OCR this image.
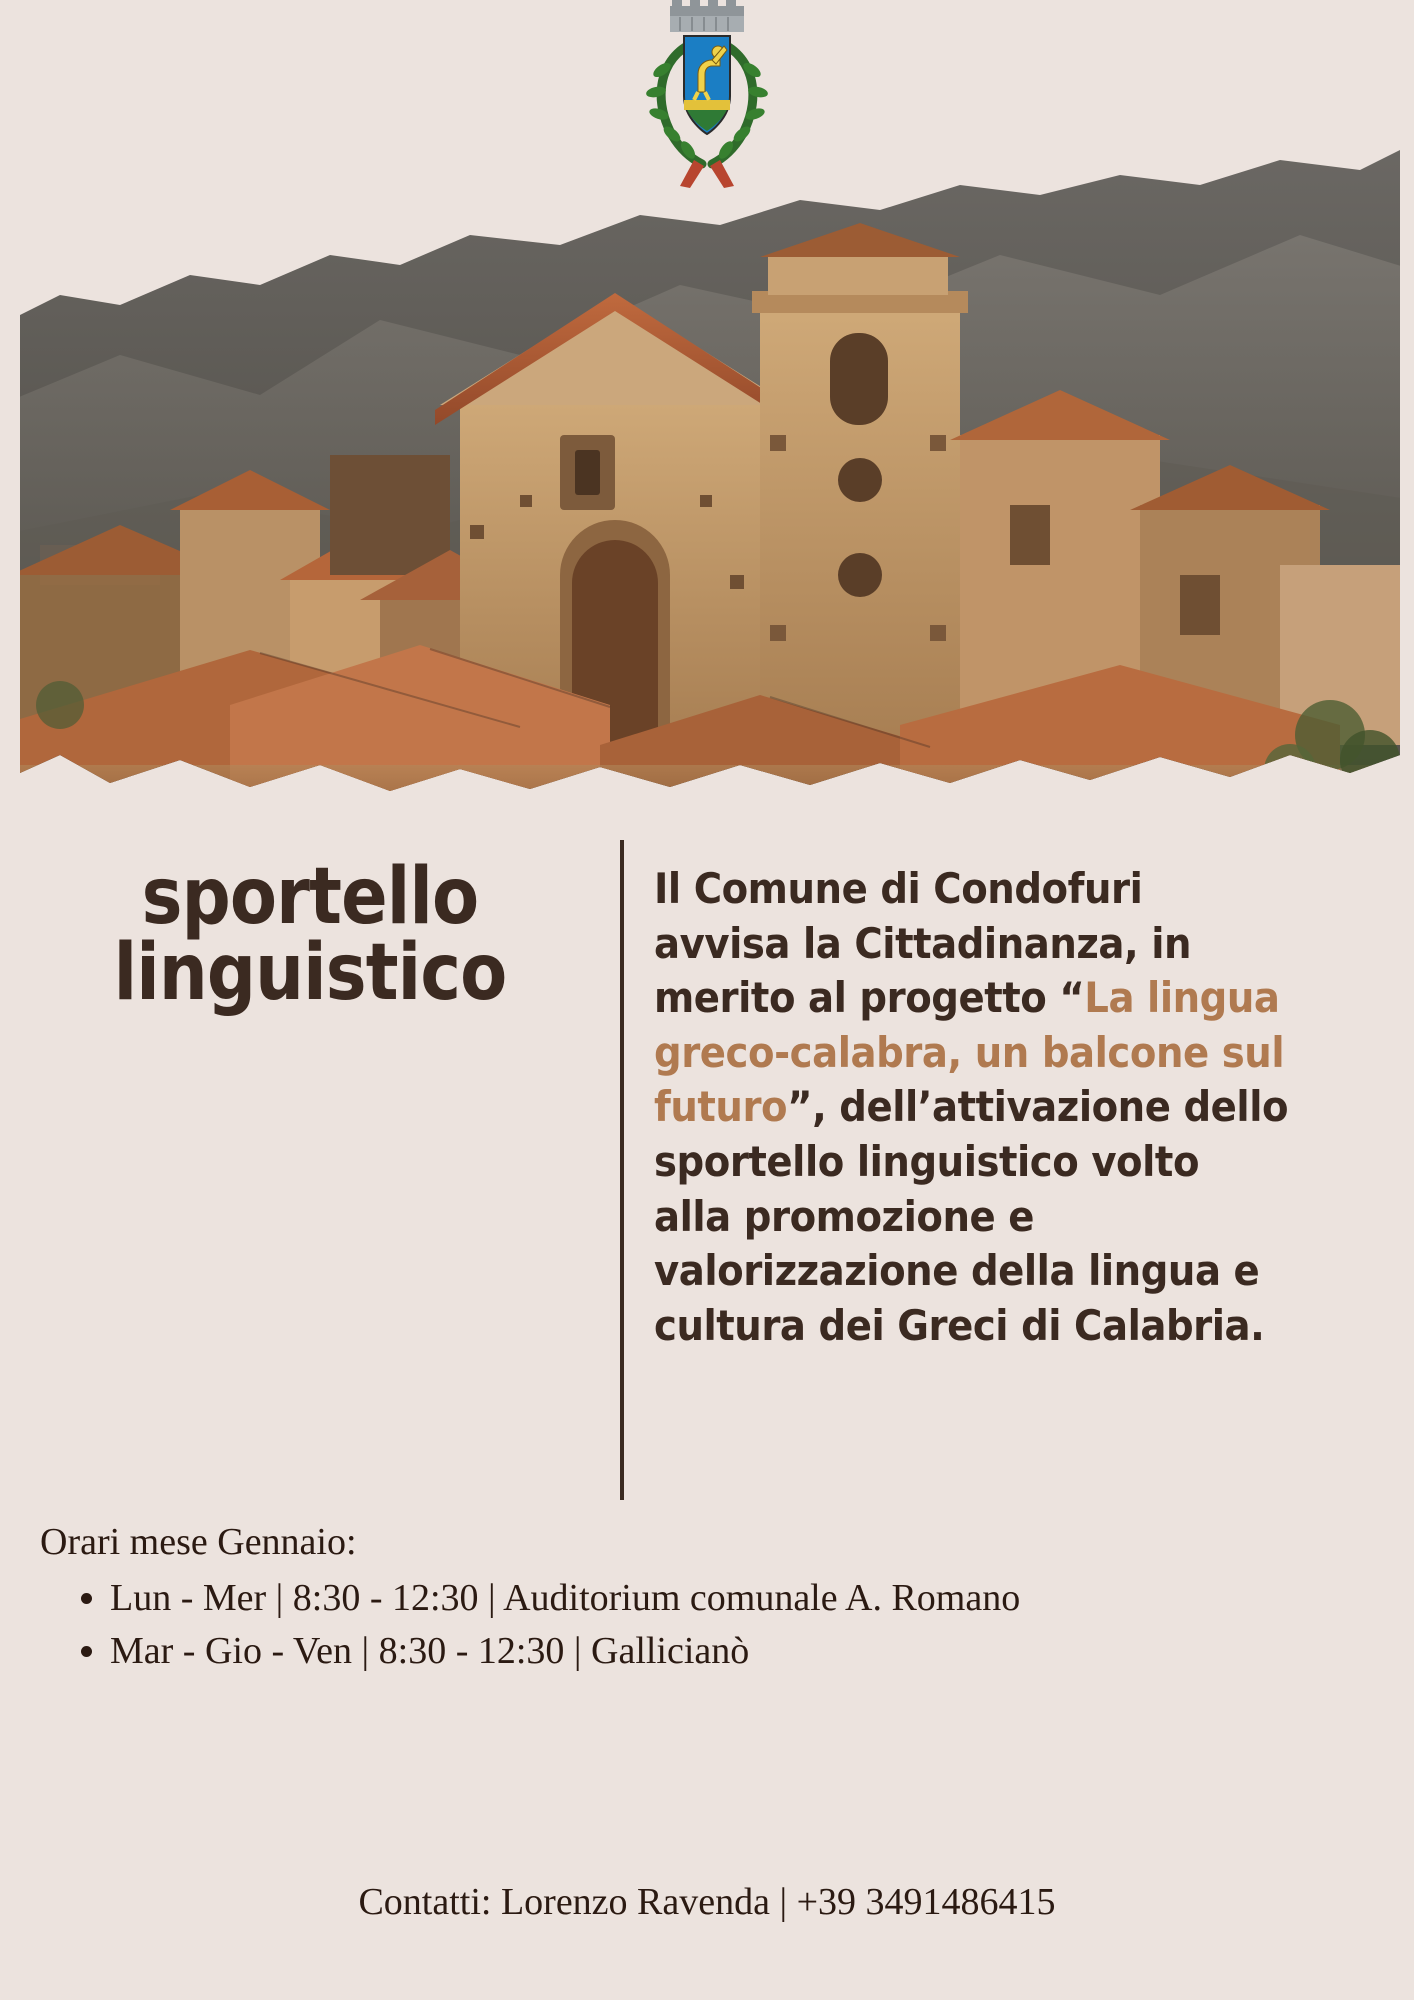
sportello
linguistico

Il Comune di Condofuri avvisa la Cittadinanza, in merito al progetto “La lingua greco-calabra, un balcone sul futuro”, dell’attivazione dello sportello linguistico volto alla promozione e valorizzazione della lingua e cultura dei Greci di Calabria.

Orari mese Gennaio:
• Lun - Mer | 8:30 - 12:30 | Auditorium comunale A. Romano
• Mar - Gio - Ven | 8:30 - 12:30 | Gallicianò
Contatti: Lorenzo Ravenda | +39 3491486415
